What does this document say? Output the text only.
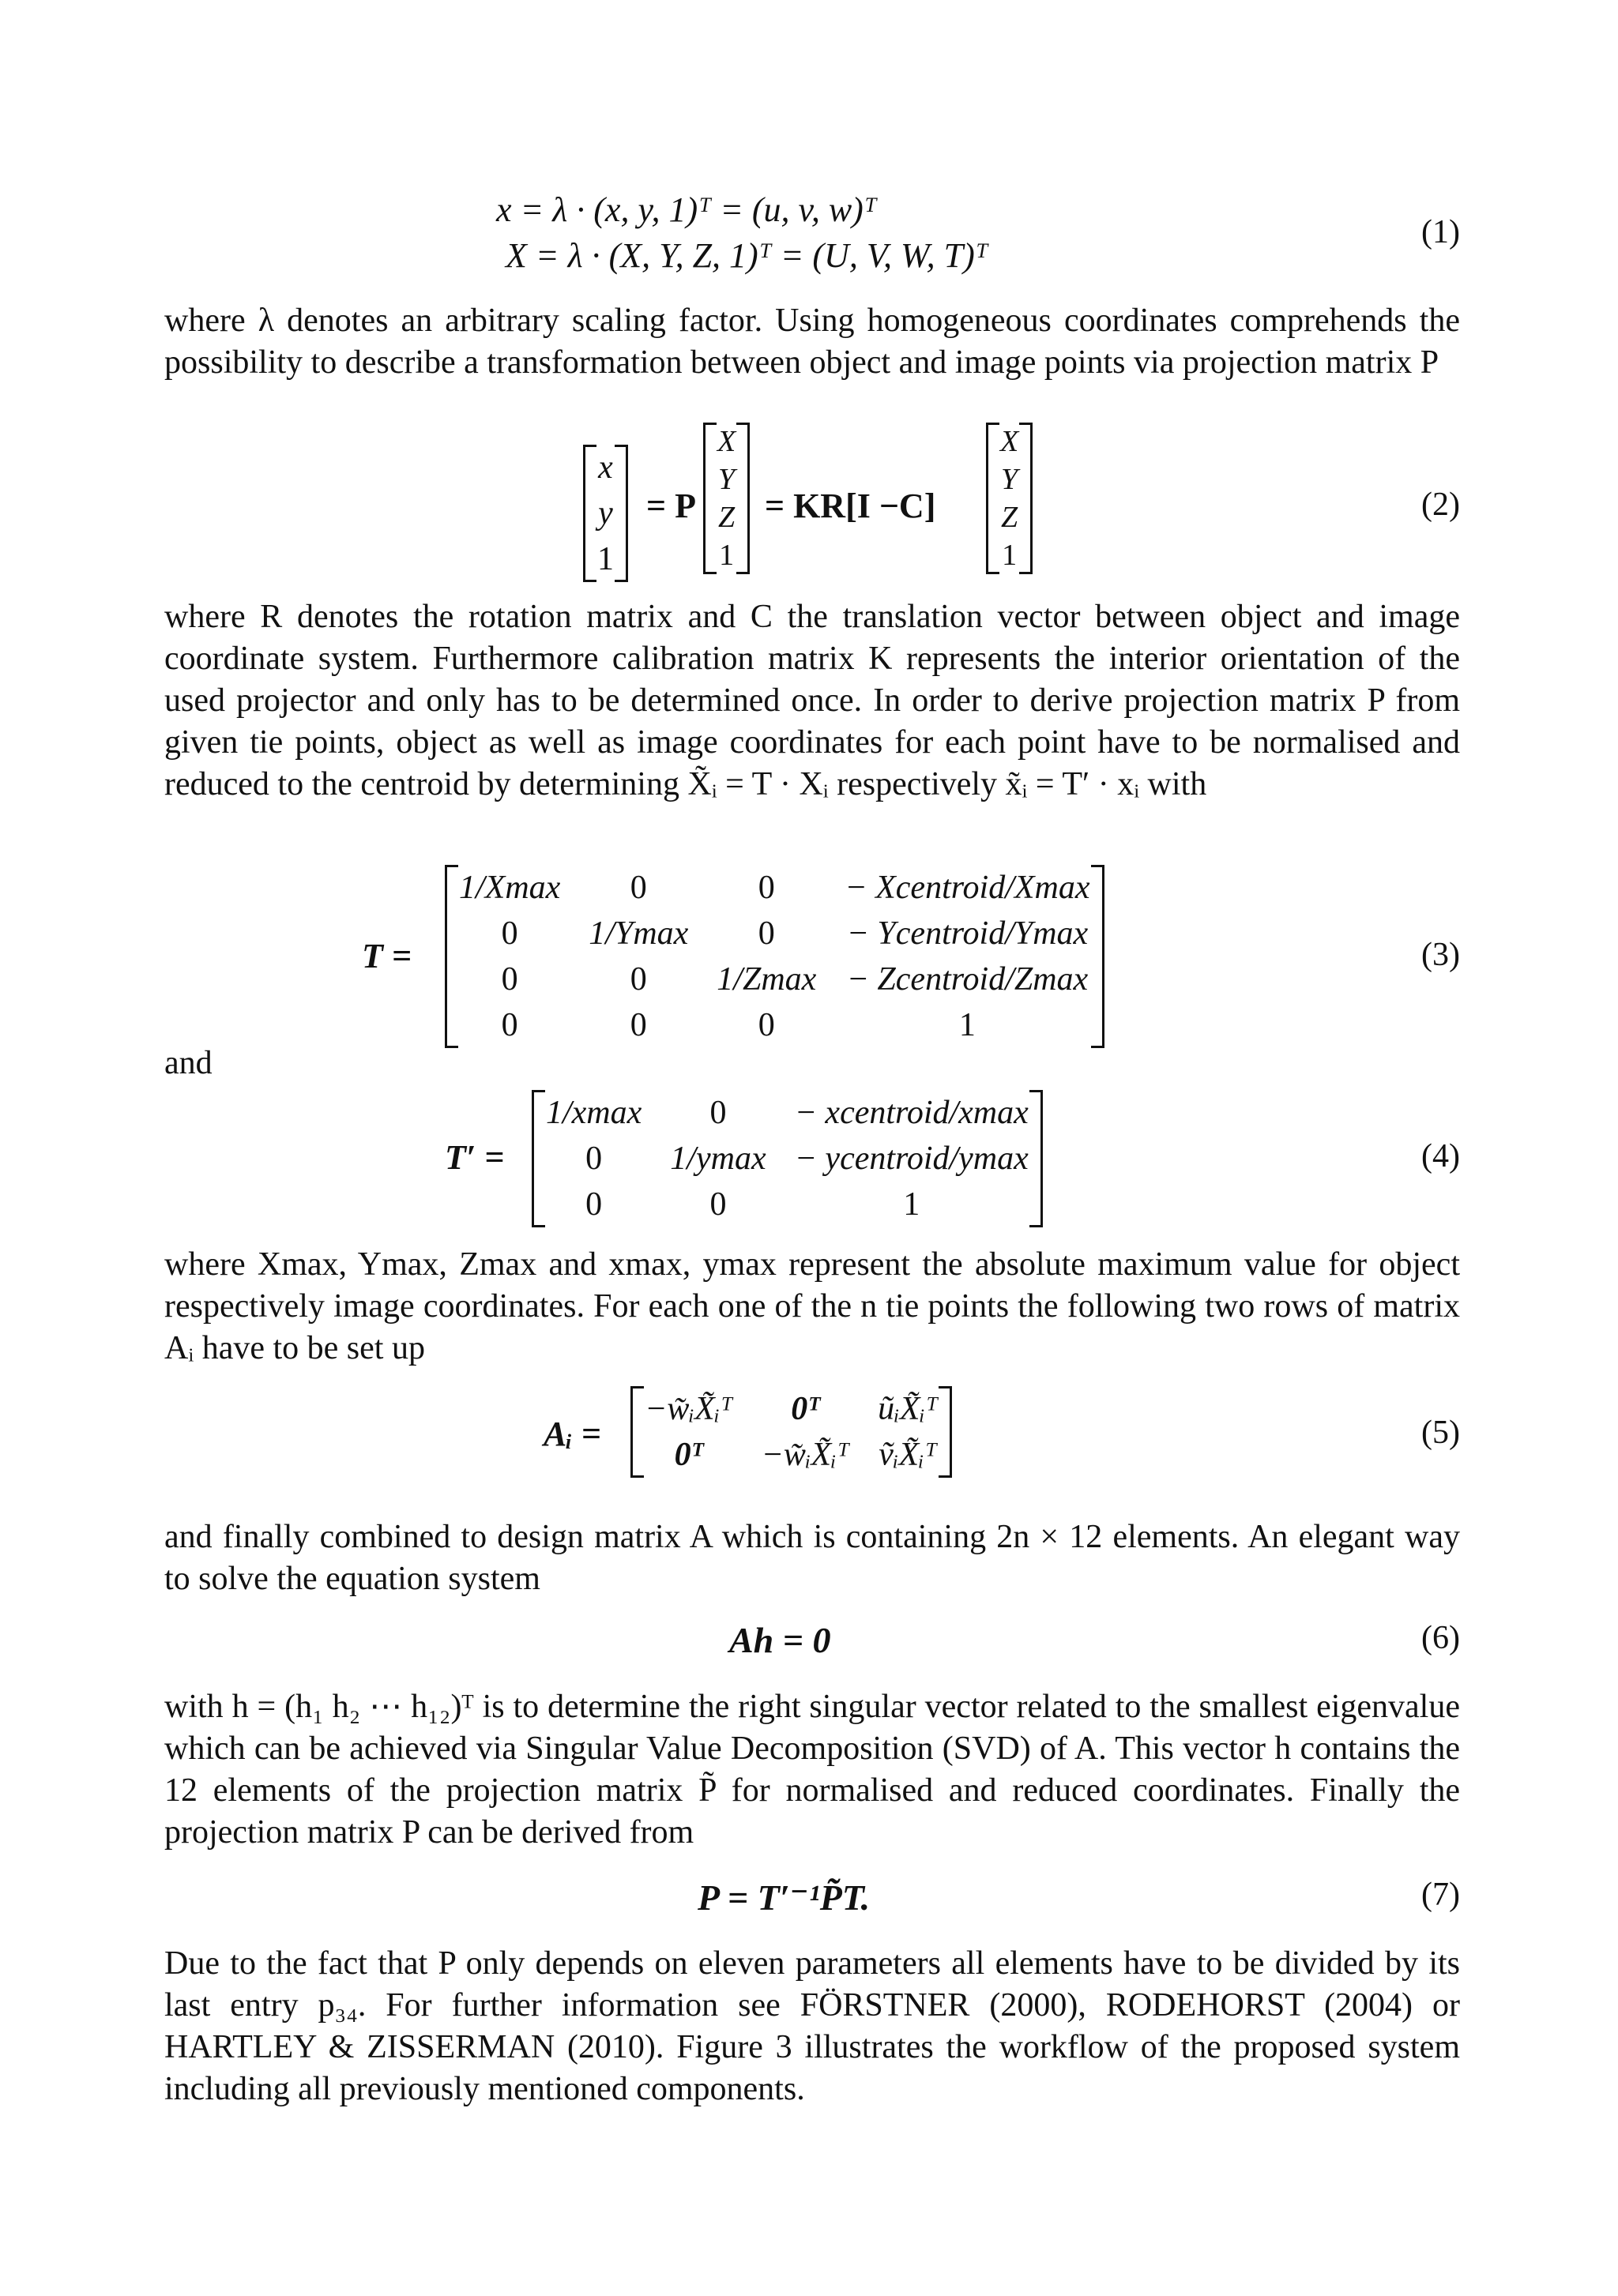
x = λ · (x, y, 1)ᵀ = (u, v, w)ᵀ
X = λ · (X, Y, Z, 1)ᵀ = (U, V, W, T)ᵀ
(1)

where λ denotes an arbitrary scaling factor. Using homogeneous coordinates comprehends the possibility to describe a transformation between object and image points via projection matrix P

x
y
1
= P
X
Y
Z
1
= KR[I −C]
X
Y
Z
1
(2)

where R denotes the rotation matrix and C the translation vector between object and image coordinate system. Furthermore calibration matrix K represents the interior orientation of the used projector and only has to be determined once. In order to derive projection matrix P from given tie points, object as well as image coordinates for each point have to be normalised and reduced to the centroid by determining X̃ᵢ = T · Xᵢ respectively x̃ᵢ = T′ · xᵢ with

T =
1/Xmax	0	0	− Xcentroid/Xmax
0	1/Ymax	0	− Ycentroid/Ymax
0	0	1/Zmax	− Zcentroid/Zmax
0	0	0	1
(3)

and

T′ =
1/xmax	0	− xcentroid/xmax
0	1/ymax	− ycentroid/ymax
0	0	1
(4)

where Xmax, Ymax, Zmax and xmax, ymax represent the absolute maximum value for object respectively image coordinates. For each one of the n tie points the following two rows of matrix Aᵢ have to be set up

Aᵢ =
−w̃ᵢX̃ᵢᵀ	0ᵀ	ũᵢX̃ᵢᵀ
0ᵀ	−w̃ᵢX̃ᵢᵀ	ṽᵢX̃ᵢᵀ
(5)

and finally combined to design matrix A which is containing 2n × 12 elements. An elegant way to solve the equation system

Ah = 0	(6)

with h = (h₁ h₂ ⋯ h₁₂)ᵀ is to determine the right singular vector related to the smallest eigenvalue which can be achieved via Singular Value Decomposition (SVD) of A. This vector h contains the 12 elements of the projection matrix P̃ for normalised and reduced coordinates. Finally the projection matrix P can be derived from

P = T′⁻¹P̃T.	(7)

Due to the fact that P only depends on eleven parameters all elements have to be divided by its last entry p₃₄. For further information see FÖRSTNER (2000), RODEHORST (2004) or HARTLEY & ZISSERMAN (2010). Figure 3 illustrates the workflow of the proposed system including all previously mentioned components.
